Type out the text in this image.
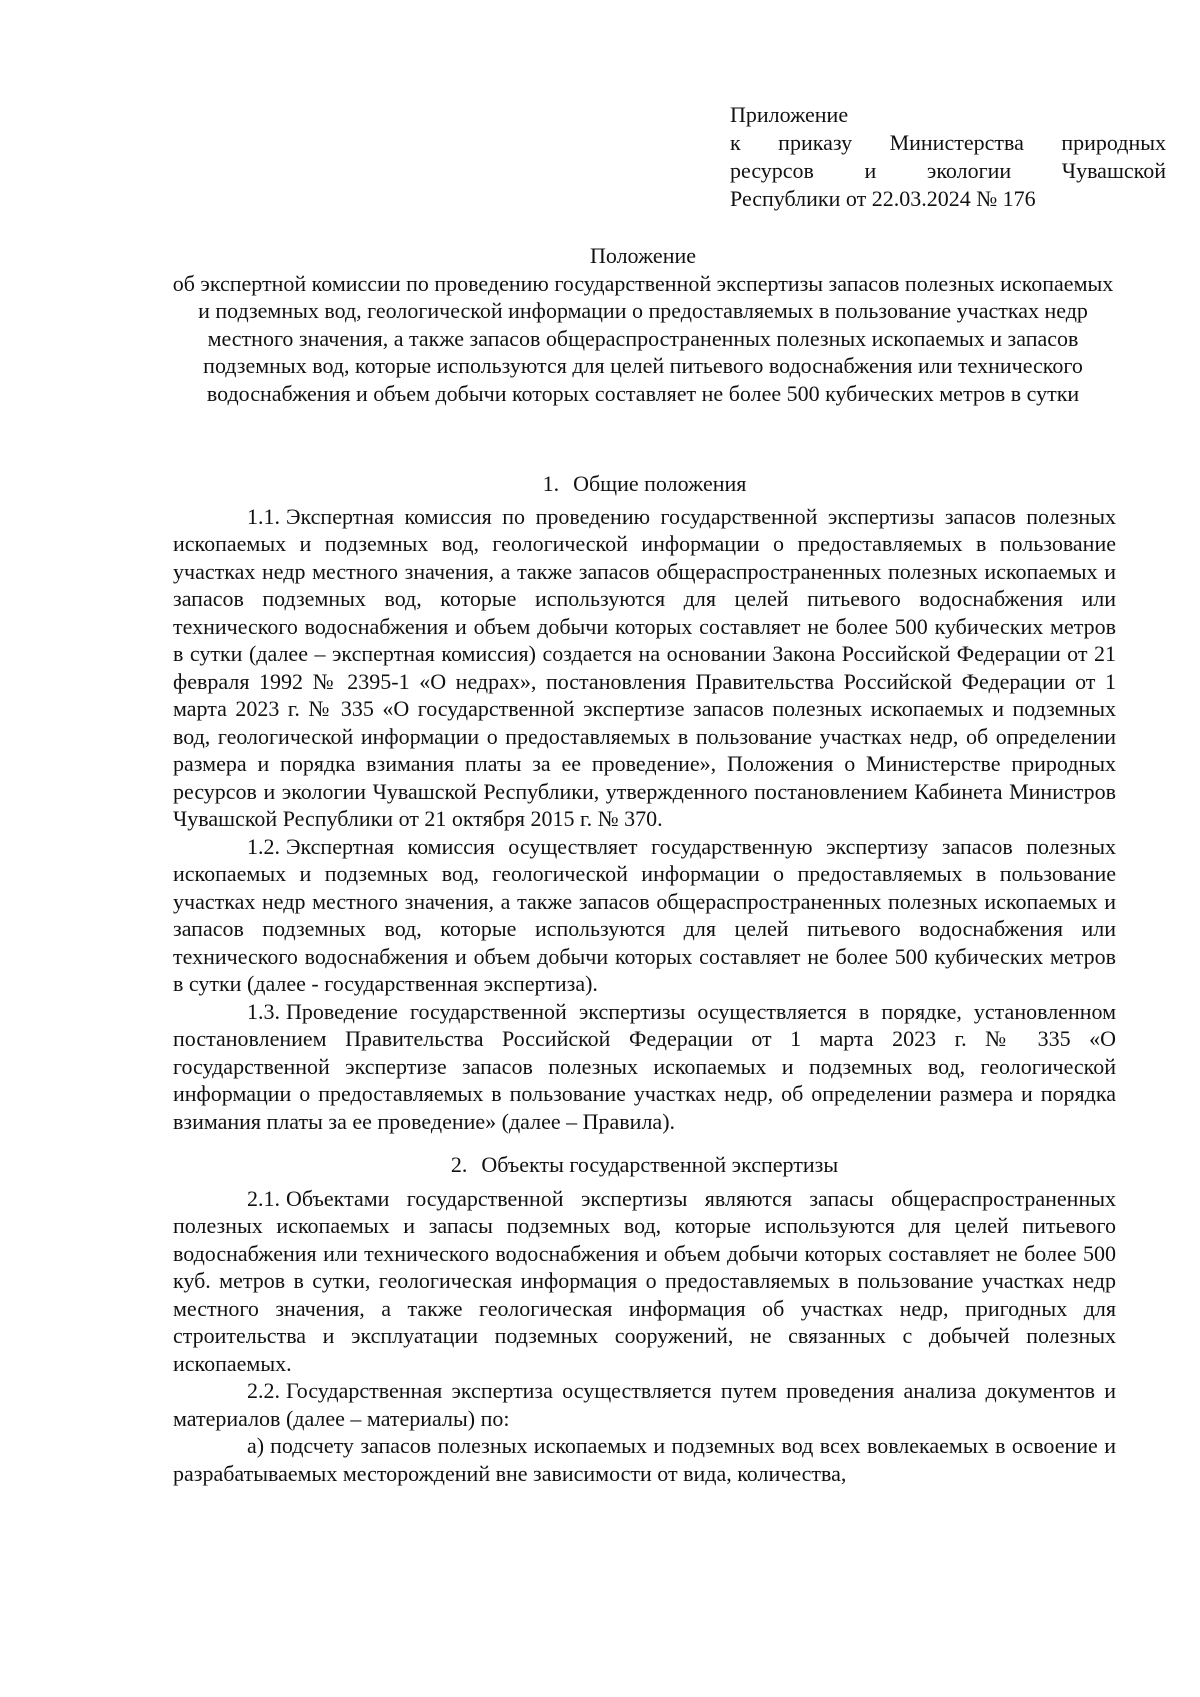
Приложение
к приказу Министерства природных
ресурсов и экологии Чувашской
Республики от 22.03.2024 № 176
Положение
об экспертной комиссии по проведению государственной экспертизы запасов полезных ископаемых и подземных вод, геологической информации о предоставляемых в пользование участках недр местного значения, а также запасов общераспространенных полезных ископаемых и запасов подземных вод, которые используются для целей питьевого водоснабжения или технического водоснабжения и объем добычи которых составляет не более 500 кубических метров в сутки
1. Общие положения

1.1. Экспертная комиссия по проведению государственной экспертизы запасов полезных ископаемых и подземных вод, геологической информации о предоставляемых в пользование участках недр местного значения, а также запасов общераспространенных полезных ископаемых и запасов подземных вод, которые используются для целей питьевого водоснабжения или технического водоснабжения и объем добычи которых составляет не более 500 кубических метров в сутки (далее – экспертная комиссия) создается на основании Закона Российской Федерации от 21 февраля 1992 № 2395-1 «О недрах», постановления Правительства Российской Федерации от 1 марта 2023 г. № 335 «О государственной экспертизе запасов полезных ископаемых и подземных вод, геологической информации о предоставляемых в пользование участках недр, об определении размера и порядка взимания платы за ее проведение», Положения о Министерстве природных ресурсов и экологии Чувашской Республики, утвержденного постановлением Кабинета Министров Чувашской Республики от 21 октября 2015 г. № 370.

1.2. Экспертная комиссия осуществляет государственную экспертизу запасов полезных ископаемых и подземных вод, геологической информации о предоставляемых в пользование участках недр местного значения, а также запасов общераспространенных полезных ископаемых и запасов подземных вод, которые используются для целей питьевого водоснабжения или технического водоснабжения и объем добычи которых составляет не более 500 кубических метров в сутки (далее - государственная экспертиза).

1.3. Проведение государственной экспертизы осуществляется в порядке, установленном постановлением Правительства Российской Федерации от 1 марта 2023 г. № 335 «О государственной экспертизе запасов полезных ископаемых и подземных вод, геологической информации о предоставляемых в пользование участках недр, об определении размера и порядка взимания платы за ее проведение» (далее – Правила).

2. Объекты государственной экспертизы

2.1. Объектами государственной экспертизы являются запасы общераспространенных полезных ископаемых и запасы подземных вод, которые используются для целей питьевого водоснабжения или технического водоснабжения и объем добычи которых составляет не более 500 куб. метров в сутки, геологическая информация о предоставляемых в пользование участках недр местного значения, а также геологическая информация об участках недр, пригодных для строительства и эксплуатации подземных сооружений, не связанных с добычей полезных ископаемых.

2.2. Государственная экспертиза осуществляется путем проведения анализа документов и материалов (далее – материалы) по:

а) подсчету запасов полезных ископаемых и подземных вод всех вовлекаемых в освоение и разрабатываемых месторождений вне зависимости от вида, количества,
